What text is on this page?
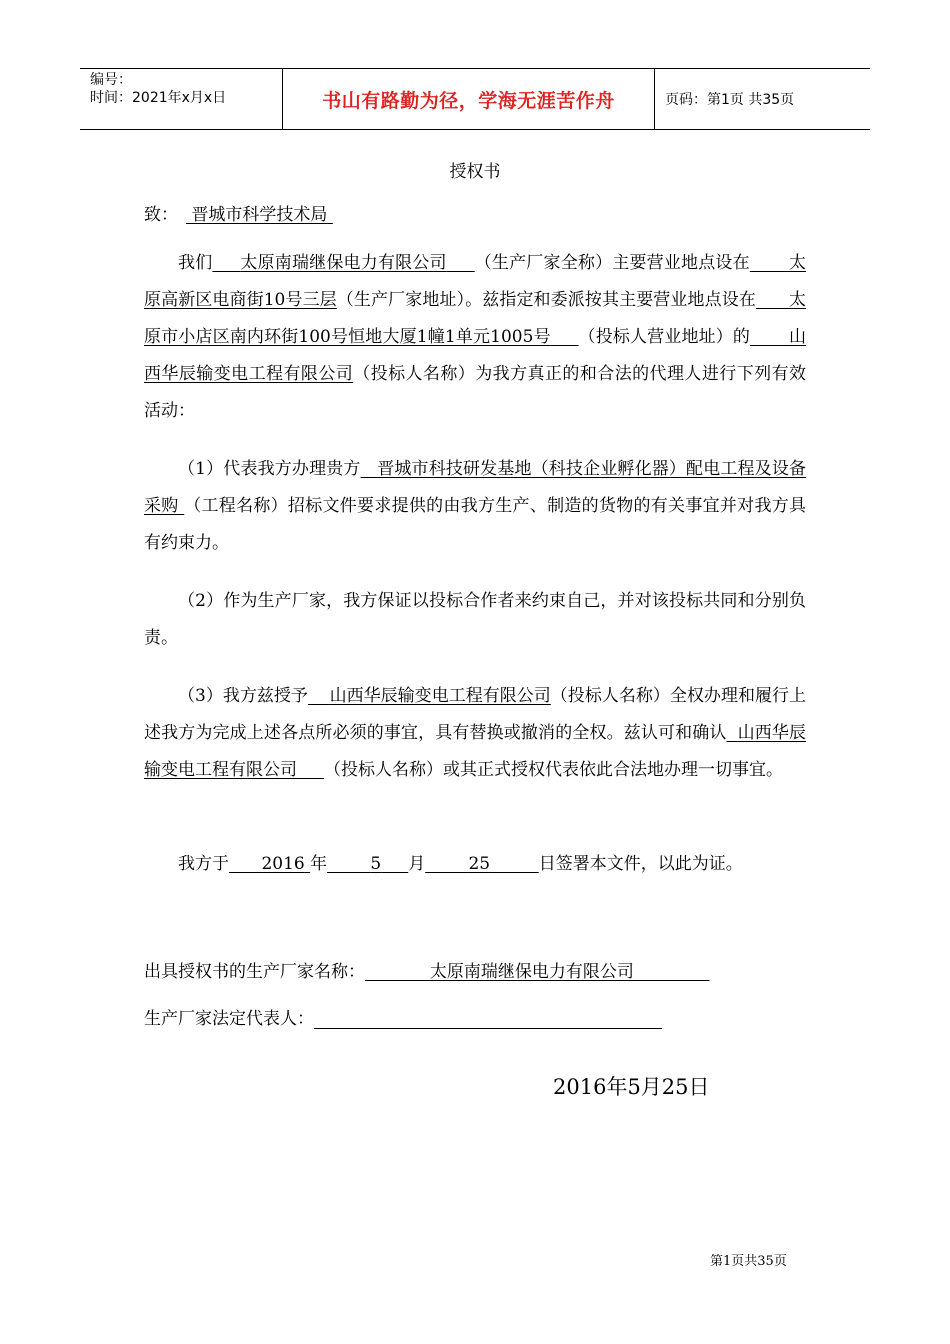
编号：
时间：2021年x月x日	书山有路勤为径，学海无涯苦作舟	页码：第1页 共35页
授权书
致： 晋城市科学技术局

我们 太原南瑞继保电力有限公司 （生产厂家全称）主要营业地点设在 太原高新区电商街10号三层（生产厂家地址）。兹指定和委派按其主要营业地点设在 太原市小店区南内环街100号恒地大厦1幢1单元1005号 （投标人营业地址）的 山西华辰输变电工程有限公司（投标人名称）为我方真正的和合法的代理人进行下列有效活动：

（1）代表我方办理贵方 晋城市科技研发基地（科技企业孵化器）配电工程及设备采购 （工程名称）招标文件要求提供的由我方生产、制造的货物的有关事宜并对我方具有约束力。

（2）作为生产厂家，我方保证以投标合作者来约束自己，并对该投标共同和分别负责。

（3）我方兹授予 山西华辰输变电工程有限公司（投标人名称）全权办理和履行上述我方为完成上述各点所必须的事宜，具有替换或撤消的全权。兹认可和确认 山西华辰输变电工程有限公司 （投标人名称）或其正式授权代表依此合法地办理一切事宜。

我方于 2016 年	5 月	25	日签署本文件，以此为证。

出具授权书的生产厂家名称：	太原南瑞继保电力有限公司
生产厂家法定代表人：
2016年5月25日
第1页共35页
